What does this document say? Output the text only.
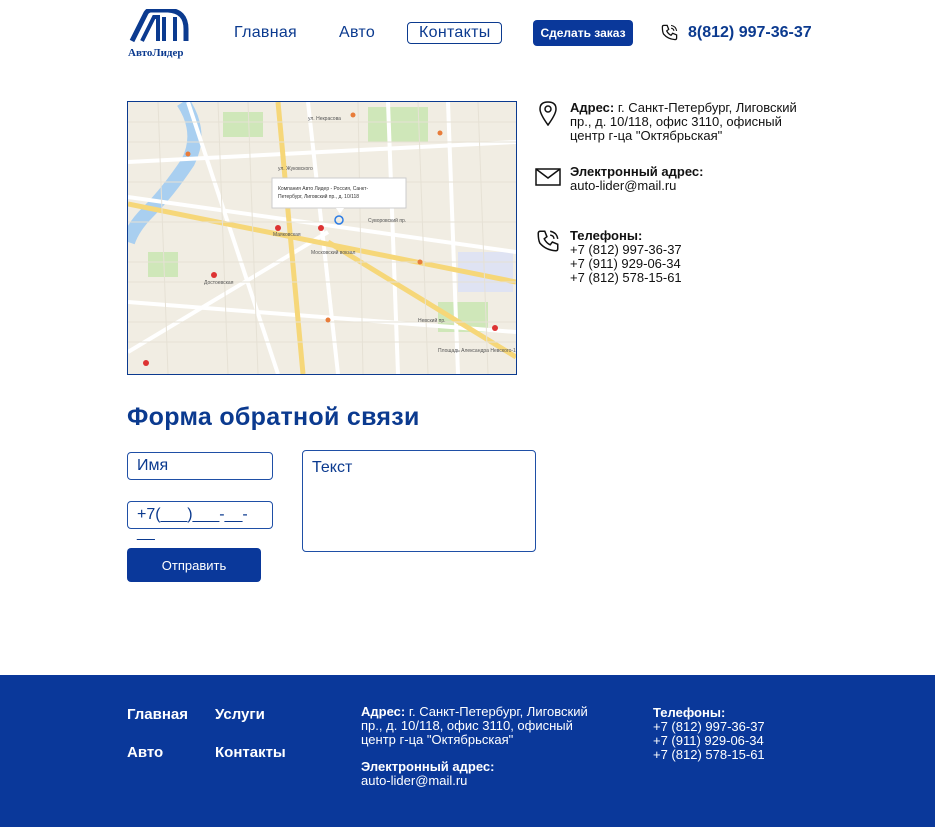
АвтоЛидер
Главная	Авто	Контакты	Сделать заказ	8(812) 997-36-37
Компания Авто Лидер - Россия, Санкт-
Петербург, Лиговский пр., д. 10/118
ул. Некрасова
ул. Жуковского
Маяковская
Московский вокзал
Достоевская
Площадь Александра Невского-1
Суворовский пр.
Невский пр.
Адрес: г. Санкт-Петербург, Лиговский пр., д. 10/118, офис 3110, офисный центр г-ца "Октябрьская"
Электронный адрес:
auto-lider@mail.ru
Телефоны:
+7 (812) 997-36-37
+7 (911) 929-06-34
+7 (812) 578-15-61
Форма обратной связи
Имя
+7(___)___-__-__
Текст
Отправить
Главная Услуги
Авто	Контакты
Адрес: г. Санкт-Петербург, Лиговский пр., д. 10/118, офис 3110, офисный центр г-ца "Октябрьская"
Электронный адрес:
auto-lider@mail.ru
Телефоны:
+7 (812) 997-36-37
+7 (911) 929-06-34
+7 (812) 578-15-61
